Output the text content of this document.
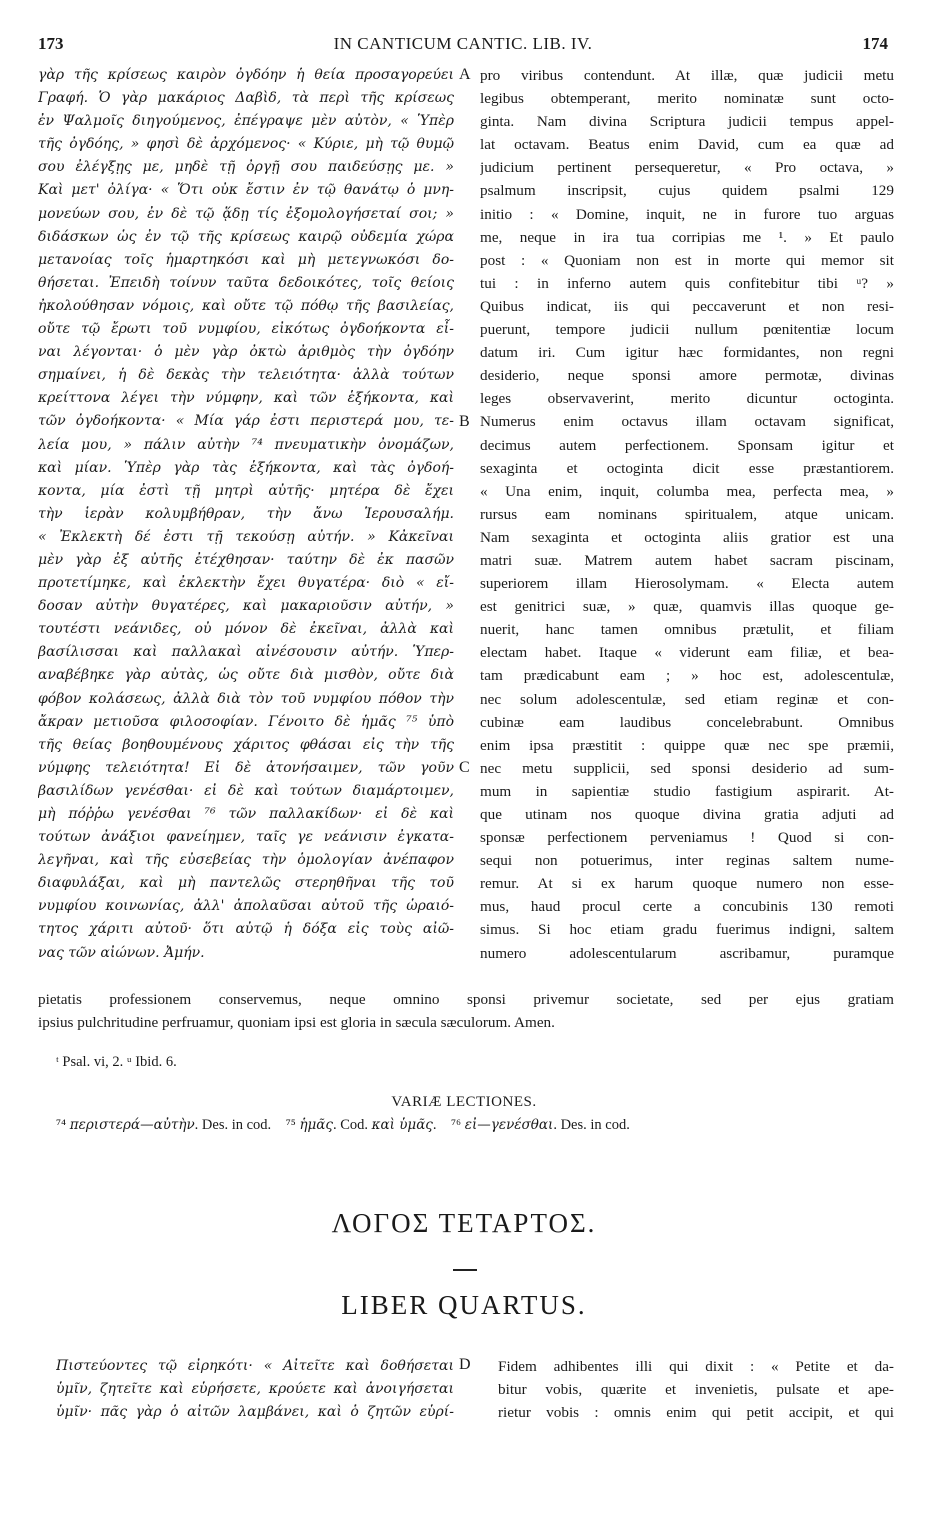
173	IN CANTICUM CANTIC. LIB. IV.	174
γὰρ τῆς κρίσεως καιρὸν ὀγδόην ἡ θεία προσαγορεύει
Γραφή. Ὁ γὰρ μακάριος Δαβὶδ, τὰ περὶ τῆς κρίσεως
ἐν Ψαλμοῖς διηγούμενος, ἐπέγραψε μὲν αὐτὸν, « Ὑπὲρ
τῆς ὀγδόης, » φησὶ δὲ ἀρχόμενος· « Κύριε, μὴ τῷ θυμῷ
σου ἐλέγξῃς με, μηδὲ τῇ ὀργῇ σου παιδεύσῃς με. »
Καὶ μετ' ὀλίγα· « Ὅτι οὐκ ἔστιν ἐν τῷ θανάτῳ ὁ μνη-
μονεύων σου, ἐν δὲ τῷ ᾅδῃ τίς ἐξομολογήσεταί σοι; »
διδάσκων ὡς ἐν τῷ τῆς κρίσεως καιρῷ οὐδεμία χώρα
μετανοίας τοῖς ἡμαρτηκόσι καὶ μὴ μετεγνωκόσι δο-
θήσεται. Ἐπειδὴ τοίνυν ταῦτα δεδοικότες, τοῖς θείοις
ἠκολούθησαν νόμοις, καὶ οὔτε τῷ πόθῳ τῆς βασιλείας,
οὔτε τῷ ἔρωτι τοῦ νυμφίου, εἰκότως ὀγδοήκοντα εἶ-
ναι λέγονται· ὁ μὲν γὰρ ὀκτὼ ἀριθμὸς τὴν ὀγδόην
σημαίνει, ἡ δὲ δεκὰς τὴν τελειότητα· ἀλλὰ τούτων
κρείττονα λέγει τὴν νύμφην, καὶ τῶν ἑξήκοντα, καὶ
τῶν ὀγδοήκοντα· « Μία γάρ ἐστι περιστερά μου, τε-
λεία μου, » πάλιν αὐτὴν ⁷⁴ πνευματικὴν ὀνομάζων,
καὶ μίαν. Ὑπὲρ γὰρ τὰς ἑξήκοντα, καὶ τὰς ὀγδοή-
κοντα, μία ἐστὶ τῇ μητρὶ αὐτῆς· μητέρα δὲ ἔχει
τὴν ἱερὰν κολυμβήθραν, τὴν ἄνω Ἱερουσαλήμ.
« Ἐκλεκτὴ δέ ἐστι τῇ τεκούσῃ αὐτήν. » Κἀκεῖναι
μὲν γὰρ ἐξ αὐτῆς ἐτέχθησαν· ταύτην δὲ ἐκ πασῶν
προτετίμηκε, καὶ ἐκλεκτὴν ἔχει θυγατέρα· διὸ « εἴ-
δοσαν αὐτὴν θυγατέρες, καὶ μακαριοῦσιν αὐτήν, »
τουτέστι νεάνιδες, οὐ μόνον δὲ ἐκεῖναι, ἀλλὰ καὶ
βασίλισσαι καὶ παλλακαὶ αἰνέσουσιν αὐτήν. Ὑπερ-
αναβέβηκε γὰρ αὐτὰς, ὡς οὔτε διὰ μισθὸν, οὔτε διὰ
φόβον κολάσεως, ἀλλὰ διὰ τὸν τοῦ νυμφίου πόθον τὴν
ἄκραν μετιοῦσα φιλοσοφίαν. Γένοιτο δὲ ἡμᾶς ⁷⁵ ὑπὸ
τῆς θείας βοηθουμένους χάριτος φθάσαι εἰς τὴν τῆς
νύμφης τελειότητα! Εἰ δὲ ἀτονήσαιμεν, τῶν γοῦν
βασιλίδων γενέσθαι· εἰ δὲ καὶ τούτων διαμάρτοιμεν,
μὴ πόῤῥω γενέσθαι ⁷⁶ τῶν παλλακίδων· εἰ δὲ καὶ
τούτων ἀνάξιοι φανείημεν, ταῖς γε νεάνισιν ἐγκατα-
λεγῆναι, καὶ τῆς εὐσεβείας τὴν ὁμολογίαν ἀνέπαφον
διαφυλάξαι, καὶ μὴ παντελῶς στερηθῆναι τῆς τοῦ
νυμφίου κοινωνίας, ἀλλ' ἀπολαῦσαι αὐτοῦ τῆς ὡραιό-
τητος χάριτι αὐτοῦ· ὅτι αὐτῷ ἡ δόξα εἰς τοὺς αἰῶ-
νας τῶν αἰώνων. Ἀμήν.
pro viribus contendunt. At illæ, quæ judicii metu
legibus obtemperant, merito nominatæ sunt octo-
ginta. Nam divina Scriptura judicii tempus appel-
lat octavam. Beatus enim David, cum ea quæ ad
judicium pertinent persequeretur, « Pro octava, »
psalmum inscripsit, cujus quidem psalmi 129
initio : « Domine, inquit, ne in furore tuo arguas
me, neque in ira tua corripias me ¹. » Et paulo
post : « Quoniam non est in morte qui memor sit
tui : in inferno autem quis confitebitur tibi ᵘ? »
Quibus indicat, iis qui peccaverunt et non resi-
puerunt, tempore judicii nullum pœnitentiæ locum
datum iri. Cum igitur hæc formidantes, non regni
desiderio, neque sponsi amore permotæ, divinas
leges observaverint, merito dicuntur octoginta.
Numerus enim octavus illam octavam significat,
decimus autem perfectionem. Sponsam igitur et
sexaginta et octoginta dicit esse præstantiorem.
« Una enim, inquit, columba mea, perfecta mea, »
rursus eam nominans spiritualem, atque unicam.
Nam sexaginta et octoginta aliis gratior est una
matri suæ. Matrem autem habet sacram piscinam,
superiorem illam Hierosolymam. « Electa autem
est genitrici suæ, » quæ, quamvis illas quoque ge-
nuerit, hanc tamen omnibus prætulit, et filiam
electam habet. Itaque « viderunt eam filiæ, et bea-
tam prædicabunt eam ; » hoc est, adolescentulæ,
nec solum adolescentulæ, sed etiam reginæ et con-
cubinæ eam laudibus concelebrabunt. Omnibus
enim ipsa præstitit : quippe quæ nec spe præmii,
nec metu supplicii, sed sponsi desiderio ad sum-
mum in sapientiæ studio fastigium aspirarit. At-
que utinam nos quoque divina gratia adjuti ad
sponsæ perfectionem perveniamus ! Quod si con-
sequi non potuerimus, inter reginas saltem nume-
remur. At si ex harum quoque numero non esse-
mus, haud procul certe a concubinis 130 remoti
simus. Si hoc etiam gradu fuerimus indigni, saltem
numero adolescentularum ascribamur, puramque
A
B
C
D
pietatis professionem conservemus, neque omnino sponsi privemur societate, sed per ejus gratiam
ipsius pulchritudine perfruamur, quoniam ipsi est gloria in sæcula sæculorum. Amen.
ᵗ Psal. vi, 2. ᵘ Ibid. 6.
VARIÆ LECTIONES.
⁷⁴ περιστερά—αὐτὴν. Des. in cod. ⁷⁵ ἡμᾶς. Cod. καὶ ὑμᾶς. ⁷⁶ εἰ—γενέσθαι. Des. in cod.
ΛΟΓΟΣ ΤΕΤΑΡΤΟΣ.
LIBER QUARTUS.
Πιστεύοντες τῷ εἰρηκότι· « Αἰτεῖτε καὶ δοθήσεται
ὑμῖν, ζητεῖτε καὶ εὑρήσετε, κρούετε καὶ ἀνοιγήσεται
ὑμῖν· πᾶς γὰρ ὁ αἰτῶν λαμβάνει, καὶ ὁ ζητῶν εὑρί-
Fidem adhibentes illi qui dixit : « Petite et da-
bitur vobis, quærite et invenietis, pulsate et ape-
rietur vobis : omnis enim qui petit accipit, et qui
